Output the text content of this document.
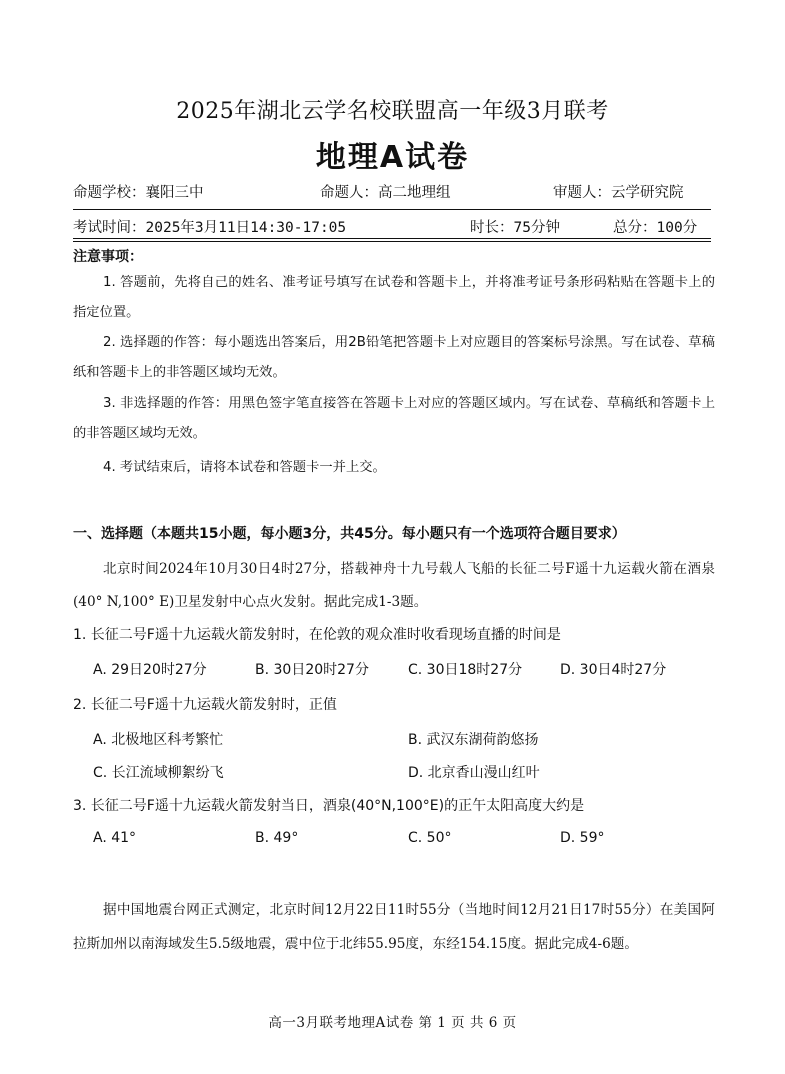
2025年湖北云学名校联盟高一年级3月联考
地理A试卷
命题学校：襄阳三中	命题人：高二地理组	审题人：云学研究院
考试时间：2025年3月11日14:30-17:05	时长：75分钟	总分：100分
注意事项：
1. 答题前，先将自己的姓名、准考证号填写在试卷和答题卡上，并将准考证号条形码粘贴在答题卡上的指定位置。
2. 选择题的作答：每小题选出答案后，用2B铅笔把答题卡上对应题目的答案标号涂黑。写在试卷、草稿纸和答题卡上的非答题区域均无效。
3. 非选择题的作答：用黑色签字笔直接答在答题卡上对应的答题区域内。写在试卷、草稿纸和答题卡上的非答题区域均无效。
4. 考试结束后，请将本试卷和答题卡一并上交。
一、选择题（本题共15小题，每小题3分，共45分。每小题只有一个选项符合题目要求）
北京时间2024年10月30日4时27分，搭载神舟十九号载人飞船的长征二号F遥十九运载火箭在酒泉(40° N,100° E)卫星发射中心点火发射。据此完成1-3题。
1. 长征二号F遥十九运载火箭发射时，在伦敦的观众准时收看现场直播的时间是
A. 29日20时27分	B. 30日20时27分	C. 30日18时27分	D. 30日4时27分
2. 长征二号F遥十九运载火箭发射时，正值
A. 北极地区科考繁忙	B. 武汉东湖荷韵悠扬
C. 长江流域柳絮纷飞	D. 北京香山漫山红叶
3. 长征二号F遥十九运载火箭发射当日，酒泉(40°N,100°E)的正午太阳高度大约是
A. 41°	B. 49°	C. 50°	D. 59°
据中国地震台网正式测定，北京时间12月22日11时55分（当地时间12月21日17时55分）在美国阿拉斯加州以南海域发生5.5级地震，震中位于北纬55.95度，东经154.15度。据此完成4-6题。
高一3月联考地理A试卷 第 1 页 共 6 页
